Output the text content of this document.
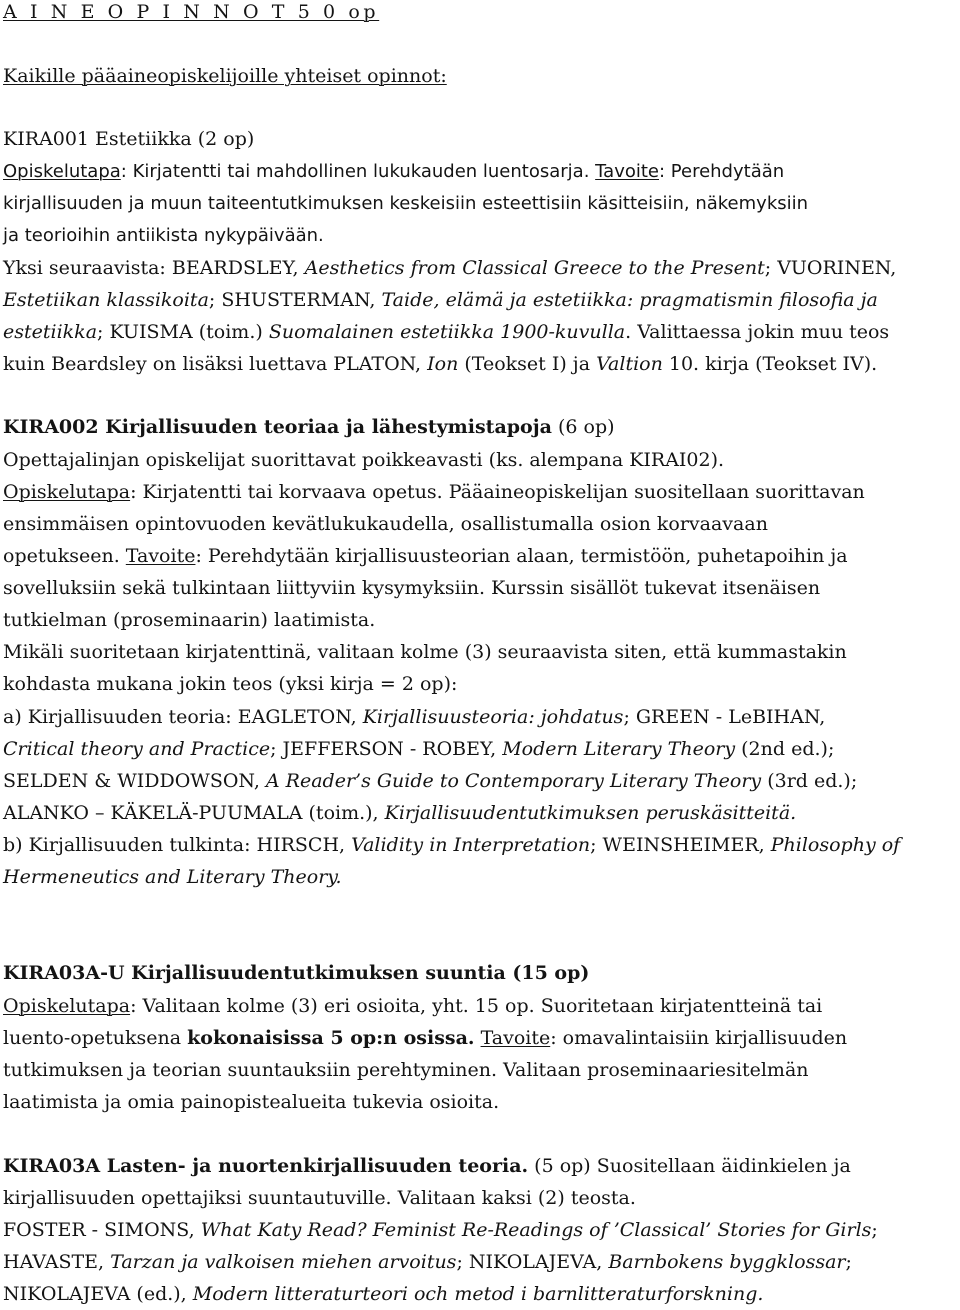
A I N E O P I N N O T 5 0 op
Kaikille pääaineopiskelijoille yhteiset opinnot:
KIRA001 Estetiikka (2 op)
Opiskelutapa: Kirjatentti tai mahdollinen lukukauden luentosarja. Tavoite: Perehdytään
kirjallisuuden ja muun taiteentutkimuksen keskeisiin esteettisiin käsitteisiin, näkemyksiin
ja teorioihin antiikista nykypäivään.
Yksi seuraavista: BEARDSLEY, Aesthetics from Classical Greece to the Present; VUORINEN,
Estetiikan klassikoita; SHUSTERMAN, Taide, elämä ja estetiikka: pragmatismin filosofia ja
estetiikka; KUISMA (toim.) Suomalainen estetiikka 1900-kuvulla. Valittaessa jokin muu teos
kuin Beardsley on lisäksi luettava PLATON, Ion (Teokset I) ja Valtion 10. kirja (Teokset IV).
KIRA002 Kirjallisuuden teoriaa ja lähestymistapoja (6 op)
Opettajalinjan opiskelijat suorittavat poikkeavasti (ks. alempana KIRAI02).
Opiskelutapa: Kirjatentti tai korvaava opetus. Pääaineopiskelijan suositellaan suorittavan
ensimmäisen opintovuoden kevätlukukaudella, osallistumalla osion korvaavaan
opetukseen. Tavoite: Perehdytään kirjallisuusteorian alaan, termistöön, puhetapoihin ja
sovelluksiin sekä tulkintaan liittyviin kysymyksiin. Kurssin sisällöt tukevat itsenäisen
tutkielman (proseminaarin) laatimista.
Mikäli suoritetaan kirjatenttinä, valitaan kolme (3) seuraavista siten, että kummastakin
kohdasta mukana jokin teos (yksi kirja = 2 op):
a) Kirjallisuuden teoria: EAGLETON, Kirjallisuusteoria: johdatus; GREEN - LeBIHAN,
Critical theory and Practice; JEFFERSON - ROBEY, Modern Literary Theory (2nd ed.);
SELDEN & WIDDOWSON, A Reader’s Guide to Contemporary Literary Theory (3rd ed.);
ALANKO – KÄKELÄ-PUUMALA (toim.), Kirjallisuudentutkimuksen peruskäsitteitä.
b) Kirjallisuuden tulkinta: HIRSCH, Validity in Interpretation; WEINSHEIMER, Philosophy of
Hermeneutics and Literary Theory.
KIRA03A-U Kirjallisuudentutkimuksen suuntia (15 op)
Opiskelutapa: Valitaan kolme (3) eri osioita, yht. 15 op. Suoritetaan kirjatentteinä tai
luento-opetuksena kokonaisissa 5 op:n osissa. Tavoite: omavalintaisiin kirjallisuuden
tutkimuksen ja teorian suuntauksiin perehtyminen. Valitaan proseminaariesitelmän
laatimista ja omia painopistealueita tukevia osioita.
KIRA03A Lasten- ja nuortenkirjallisuuden teoria. (5 op) Suositellaan äidinkielen ja
kirjallisuuden opettajiksi suuntautuville. Valitaan kaksi (2) teosta.
FOSTER - SIMONS, What Katy Read? Feminist Re-Readings of ’Classical’ Stories for Girls;
HAVASTE, Tarzan ja valkoisen miehen arvoitus; NIKOLAJEVA, Barnbokens byggklossar;
NIKOLAJEVA (ed.), Modern litteraturteori och metod i barnlitteraturforskning.
